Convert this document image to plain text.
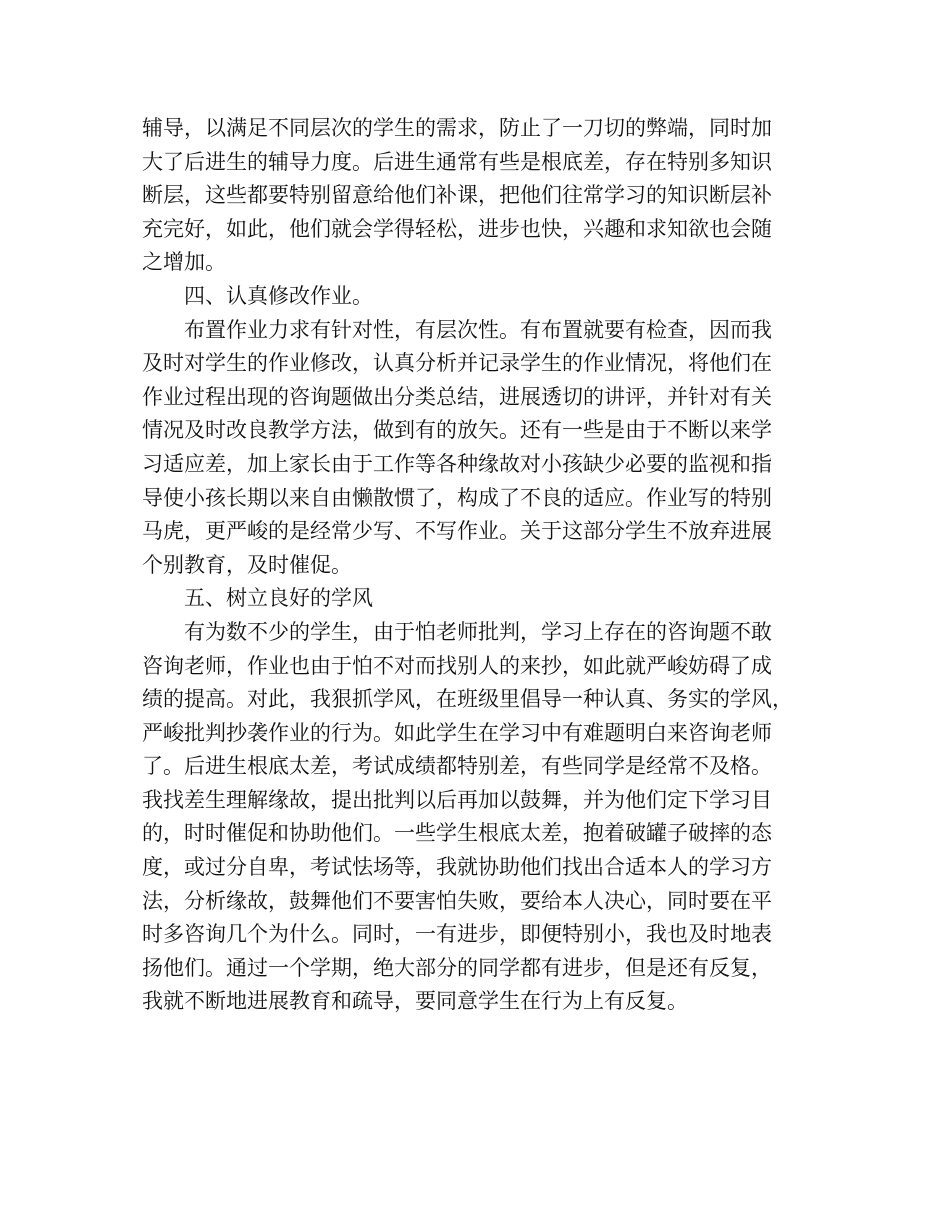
辅导，以满足不同层次的学生的需求，防止了一刀切的弊端，同时加
大了后进生的辅导力度。后进生通常有些是根底差，存在特别多知识
断层，这些都要特别留意给他们补课，把他们往常学习的知识断层补
充完好，如此，他们就会学得轻松，进步也快，兴趣和求知欲也会随
之增加。
四、认真修改作业。
布置作业力求有针对性，有层次性。有布置就要有检查，因而我
及时对学生的作业修改，认真分析并记录学生的作业情况，将他们在
作业过程出现的咨询题做出分类总结，进展透切的讲评，并针对有关
情况及时改良教学方法，做到有的放矢。还有一些是由于不断以来学
习适应差，加上家长由于工作等各种缘故对小孩缺少必要的监视和指
导使小孩长期以来自由懒散惯了，构成了不良的适应。作业写的特别
马虎，更严峻的是经常少写、不写作业。关于这部分学生不放弃进展
个别教育，及时催促。
五、树立良好的学风
有为数不少的学生，由于怕老师批判，学习上存在的咨询题不敢
咨询老师，作业也由于怕不对而找别人的来抄，如此就严峻妨碍了成
绩的提高。对此，我狠抓学风，在班级里倡导一种认真、务实的学风，
严峻批判抄袭作业的行为。如此学生在学习中有难题明白来咨询老师
了。后进生根底太差，考试成绩都特别差，有些同学是经常不及格。
我找差生理解缘故，提出批判以后再加以鼓舞，并为他们定下学习目
的，时时催促和协助他们。一些学生根底太差，抱着破罐子破摔的态
度，或过分自卑，考试怯场等，我就协助他们找出合适本人的学习方
法，分析缘故，鼓舞他们不要害怕失败，要给本人决心，同时要在平
时多咨询几个为什么。同时，一有进步，即便特别小，我也及时地表
扬他们。通过一个学期，绝大部分的同学都有进步，但是还有反复，
我就不断地进展教育和疏导，要同意学生在行为上有反复。
